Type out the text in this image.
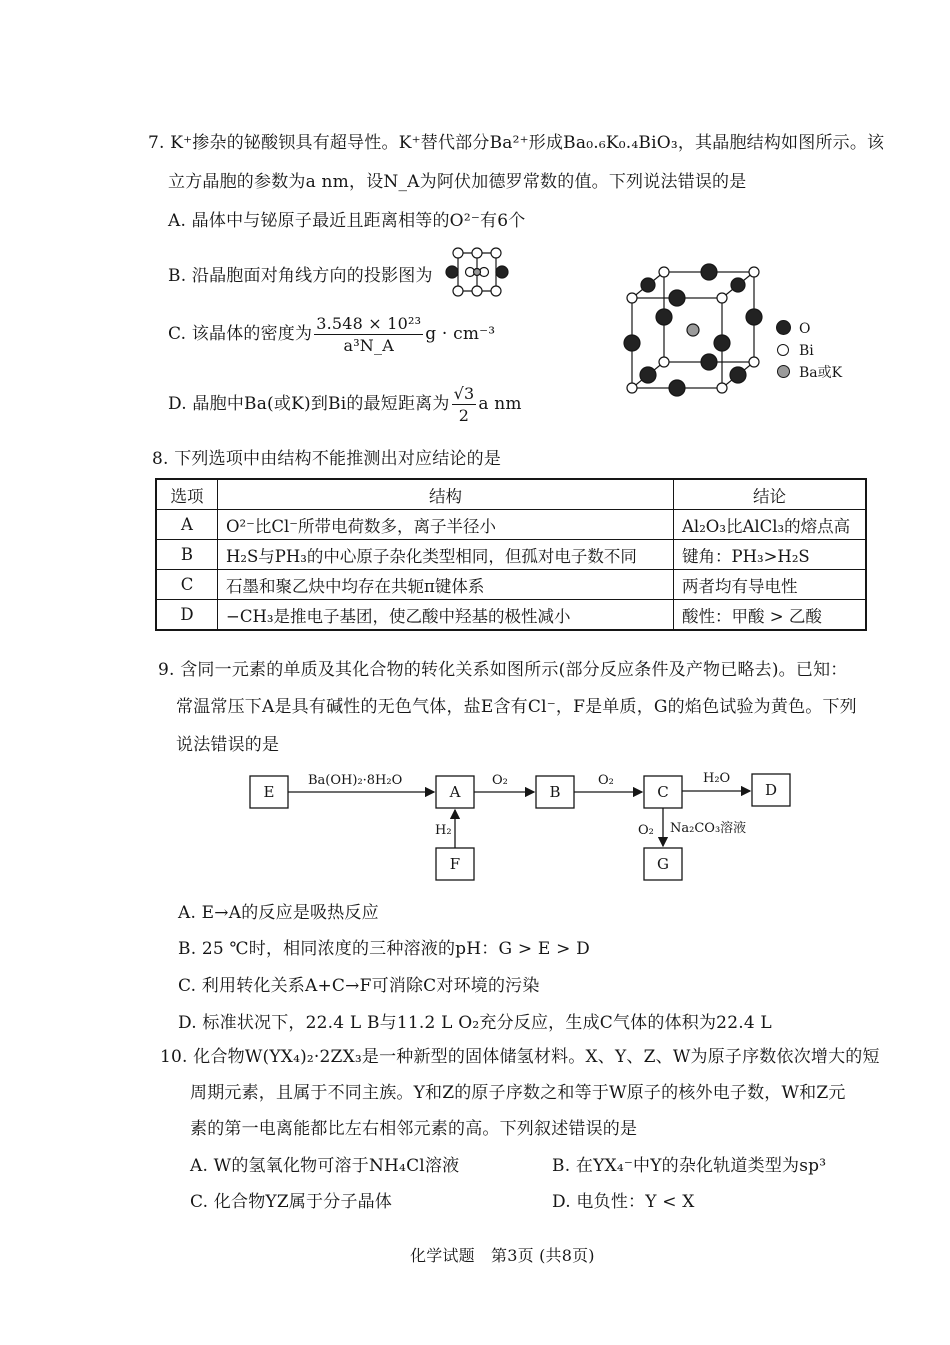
7. K⁺掺杂的铋酸钡具有超导性。K⁺替代部分Ba²⁺形成Ba₀.₆K₀.₄BiO₃，其晶胞结构如图所示。该
立方晶胞的参数为a nm，设N_A为阿伏加德罗常数的值。下列说法错误的是
A. 晶体中与铋原子最近且距离相等的O²⁻有6个
B. 沿晶胞面对角线方向的投影图为
C. 该晶体的密度为 $\frac{\text{3.548 × 10²³}}{\text{a³N\_A}}$ g · cm⁻³
D. 晶胞中Ba(或K)到Bi的最短距离为 $\frac{√3}{2}$ a nm
O
Bi
Ba或K
8. 下列选项中由结构不能推测出对应结论的是
选项	结构	结论
A	O²⁻比Cl⁻所带电荷数多，离子半径小	Al₂O₃比AlCl₃的熔点高
B	H₂S与PH₃的中心原子杂化类型相同，但孤对电子数不同	键角：PH₃>H₂S
C	石墨和聚乙炔中均存在共轭π键体系	两者均有导电性
D	−CH₃是推电子基团，使乙酸中羟基的极性减小	酸性：甲酸 > 乙酸
9. 含同一元素的单质及其化合物的转化关系如图所示(部分反应条件及产物已略去)。已知：
常温常压下A是具有碱性的无色气体，盐E含有Cl⁻，F是单质，G的焰色试验为黄色。下列
说法错误的是
E	A	B	C	D
F	G
Ba(OH)₂·8H₂O	O₂	O₂	H₂O
H₂	O₂ Na₂CO₃溶液
A. E→A的反应是吸热反应
B. 25 ℃时，相同浓度的三种溶液的pH：G > E > D
C. 利用转化关系A+C→F可消除C对环境的污染
D. 标准状况下，22.4 L B与11.2 L O₂充分反应，生成C气体的体积为22.4 L
10. 化合物W(YX₄)₂·2ZX₃是一种新型的固体储氢材料。X、Y、Z、W为原子序数依次增大的短
周期元素，且属于不同主族。Y和Z的原子序数之和等于W原子的核外电子数，W和Z元
素的第一电离能都比左右相邻元素的高。下列叙述错误的是
A. W的氢氧化物可溶于NH₄Cl溶液	B. 在YX₄⁻中Y的杂化轨道类型为sp³
C. 化合物YZ属于分子晶体	D. 电负性：Y < X
化学试题　第3页 (共8页)
